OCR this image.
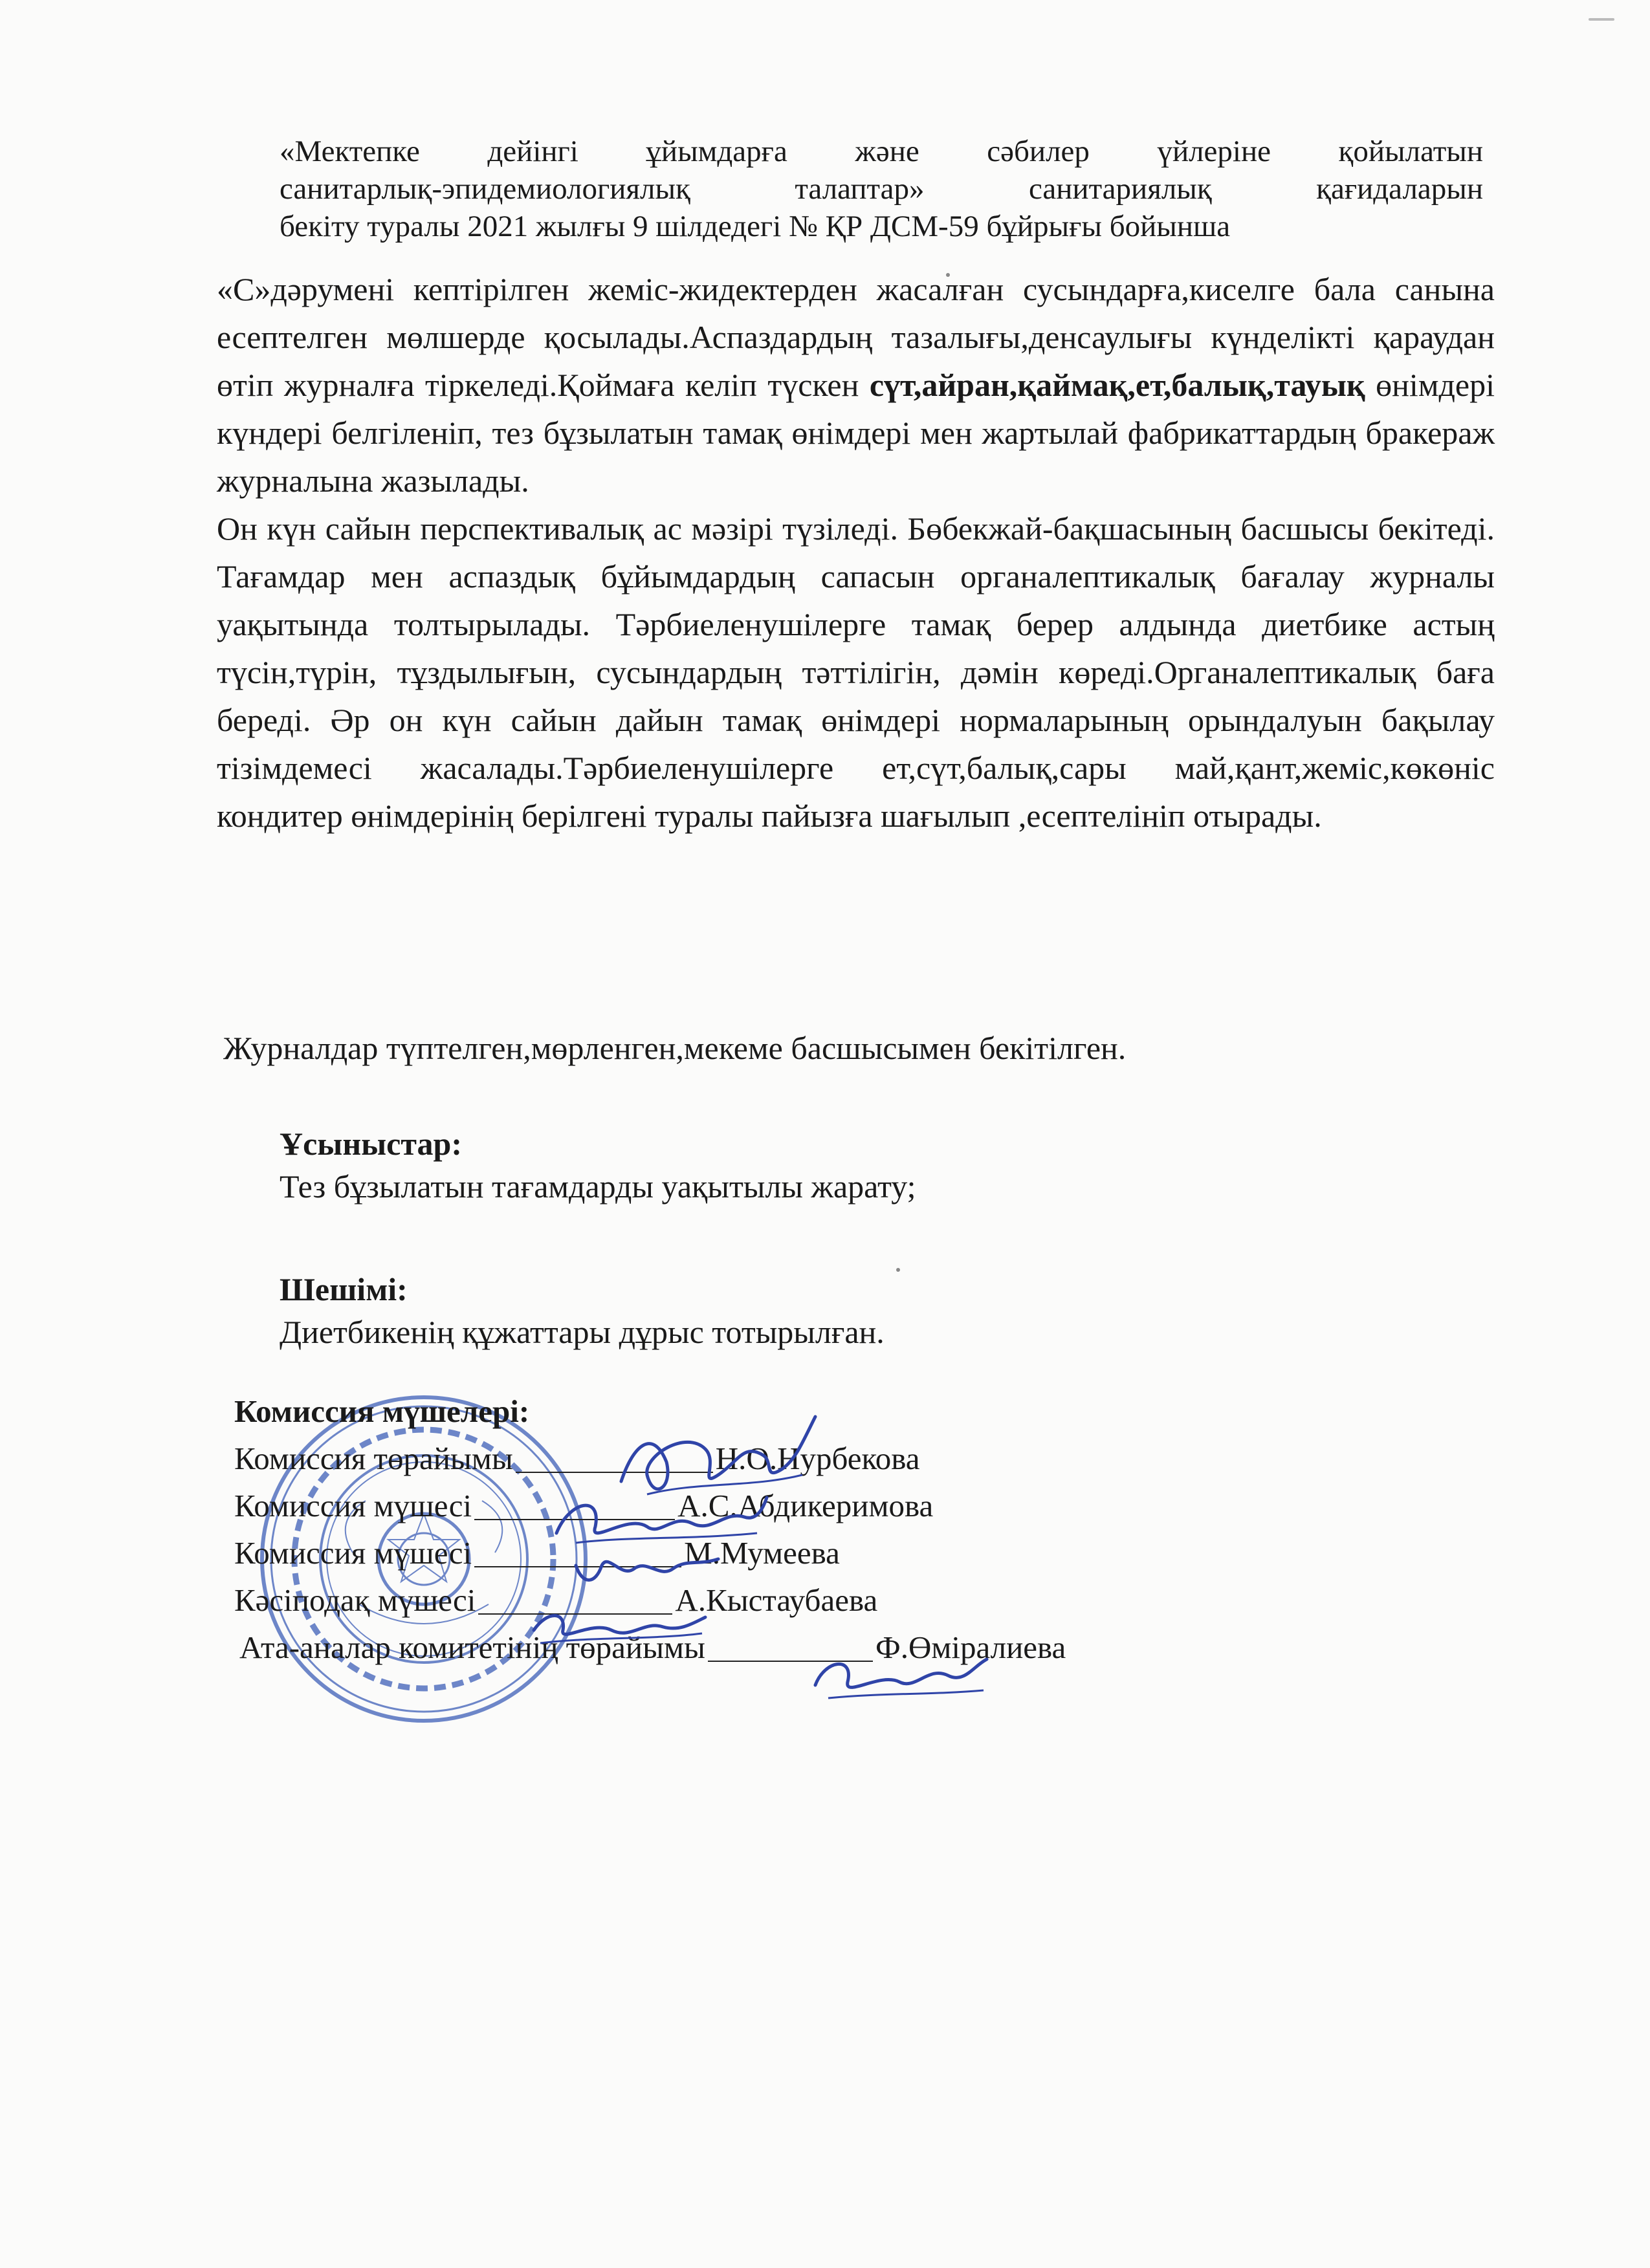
«Мектепке дейінгі ұйымдарға және сәбилер үйлеріне қойылатын

санитарлық-эпидемиологиялық талаптар» санитариялық қағидаларын

бекіту туралы 2021 жылғы 9 шілдедегі № ҚР ДСМ-59 бұйрығы бойынша

«С»дәрумені кептірілген жеміс-жидектерден жасалған сусындарға,киселге бала санына есептелген мөлшерде қосылады.Аспаздардың тазалығы,денсаулығы күнделікті қараудан өтіп журналға тіркеледі.Қоймаға келіп түскен сүт,айран,қаймақ,ет,балық,тауық өнімдері күндері белгіленіп, тез бұзылатын тамақ өнімдері мен жартылай фабрикаттардың бракераж журналына жазылады.

Он күн сайын перспективалық ас мәзірі түзіледі. Бөбекжай-бақшасының басшысы бекітеді. Тағамдар мен аспаздық бұйымдардың сапасын органалептикалық бағалау журналы уақытында толтырылады. Тәрбиеленушілерге тамақ берер алдында диетбике астың түсін,түрін, тұздылығын, сусындардың тәттілігін, дәмін көреді.Органалептикалық баға береді. Әр он күн сайын дайын тамақ өнімдері нормаларының орындалуын бақылау тізімдемесі жасалады.Тәрбиеленушілерге ет,сүт,балық,сары май,қант,жеміс,көкөніс кондитер өнімдерінің берілгені туралы пайызға шағылып ,есептелініп отырады.

Журналдар түптелген,мөрленген,мекеме басшысымен бекітілген.

Ұсыныстар:

Тез бұзылатын тағамдарды уақытылы жарату;

Шешімі:

Диетбикенің құжаттары дұрыс тотырылған.

Комиссия мүшелері:
Комиссия төрайымы	Н.О.Нурбекова
Комиссия мүшесі	А.С.Абдикеримова
Комиссия мүшесі	М.Мумеева
Кәсіподақ мүшесі	А.Кыстаубаева
Ата-аналар комитетінің төрайымы	Ф.Өміралиева
